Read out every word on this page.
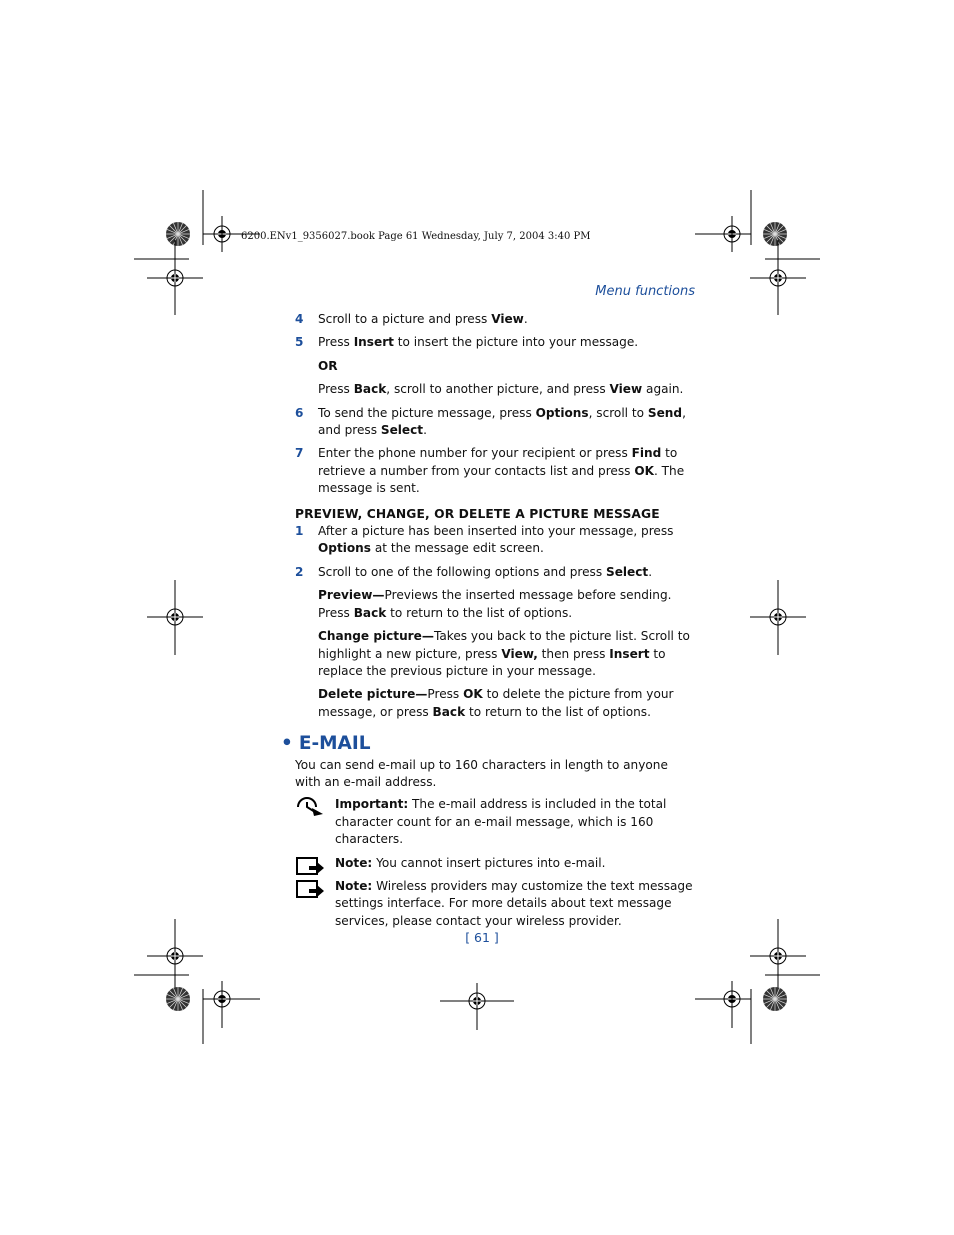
6200.ENv1_9356027.book Page 61 Wednesday, July 7, 2004 3:40 PM
Menu functions
4 Scroll to a picture and press View.
5 Press Insert to insert the picture into your message.
OR
Press Back, scroll to another picture, and press View again.
6 To send the picture message, press Options, scroll to Send, and press Select.
7 Enter the phone number for your recipient or press Find to retrieve a number from your contacts list and press OK. The message is sent.
PREVIEW, CHANGE, OR DELETE A PICTURE MESSAGE
1 After a picture has been inserted into your message, press Options at the message edit screen.
2 Scroll to one of the following options and press Select.
Preview—Previews the inserted message before sending. Press Back to return to the list of options.
Change picture—Takes you back to the picture list. Scroll to highlight a new picture, press View, then press Insert to replace the previous picture in your message.
Delete picture—Press OK to delete the picture from your message, or press Back to return to the list of options.
• E-MAIL
You can send e-mail up to 160 characters in length to anyone with an e-mail address.
Important: The e-mail address is included in the total character count for an e-mail message, which is 160 characters.
Note: You cannot insert pictures into e-mail.
Note: Wireless providers may customize the text message settings interface. For more details about text message services, please contact your wireless provider.
[ 61 ]
